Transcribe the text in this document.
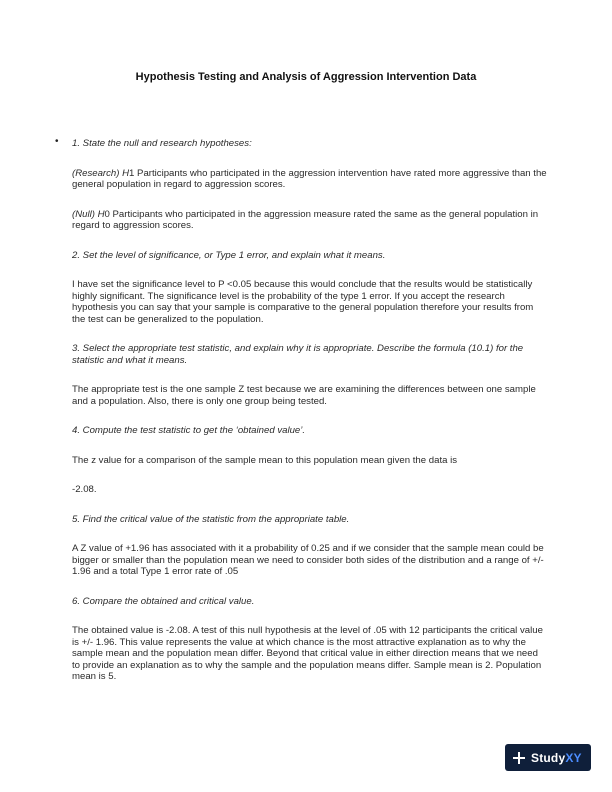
Hypothesis Testing and Analysis of Aggression Intervention Data
• 1. State the null and research hypotheses:

(Research) H1 Participants who participated in the aggression intervention have rated more aggressive than the general population in regard to aggression scores.

(Null) H0 Participants who participated in the aggression measure rated the same as the general population in regard to aggression scores.

2. Set the level of significance, or Type 1 error, and explain what it means.

I have set the significance level to P <0.05 because this would conclude that the results would be statistically highly significant. The significance level is the probability of the type 1 error. If you accept the research hypothesis you can say that your sample is comparative to the general population therefore your results from the test can be generalized to the population.

3. Select the appropriate test statistic, and explain why it is appropriate. Describe the formula (10.1) for the statistic and what it means.

The appropriate test is the one sample Z test because we are examining the differences between one sample and a population. Also, there is only one group being tested.

4. Compute the test statistic to get the ‘obtained value’.

The z value for a comparison of the sample mean to this population mean given the data is

-2.08.

5. Find the critical value of the statistic from the appropriate table.

A Z value of +1.96 has associated with it a probability of 0.25 and if we consider that the sample mean could be bigger or smaller than the population mean we need to consider both sides of the distribution and a range of +/- 1.96 and a total Type 1 error rate of .05

6. Compare the obtained and critical value.

The obtained value is -2.08. A test of this null hypothesis at the level of .05 with 12 participants the critical value is +/- 1.96. This value represents the value at which chance is the most attractive explanation as to why the sample mean and the population mean differ. Beyond that critical value in either direction means that we need to provide an explanation as to why the sample and the population means differ. Sample mean is 2. Population mean is 5.

StudyXY
